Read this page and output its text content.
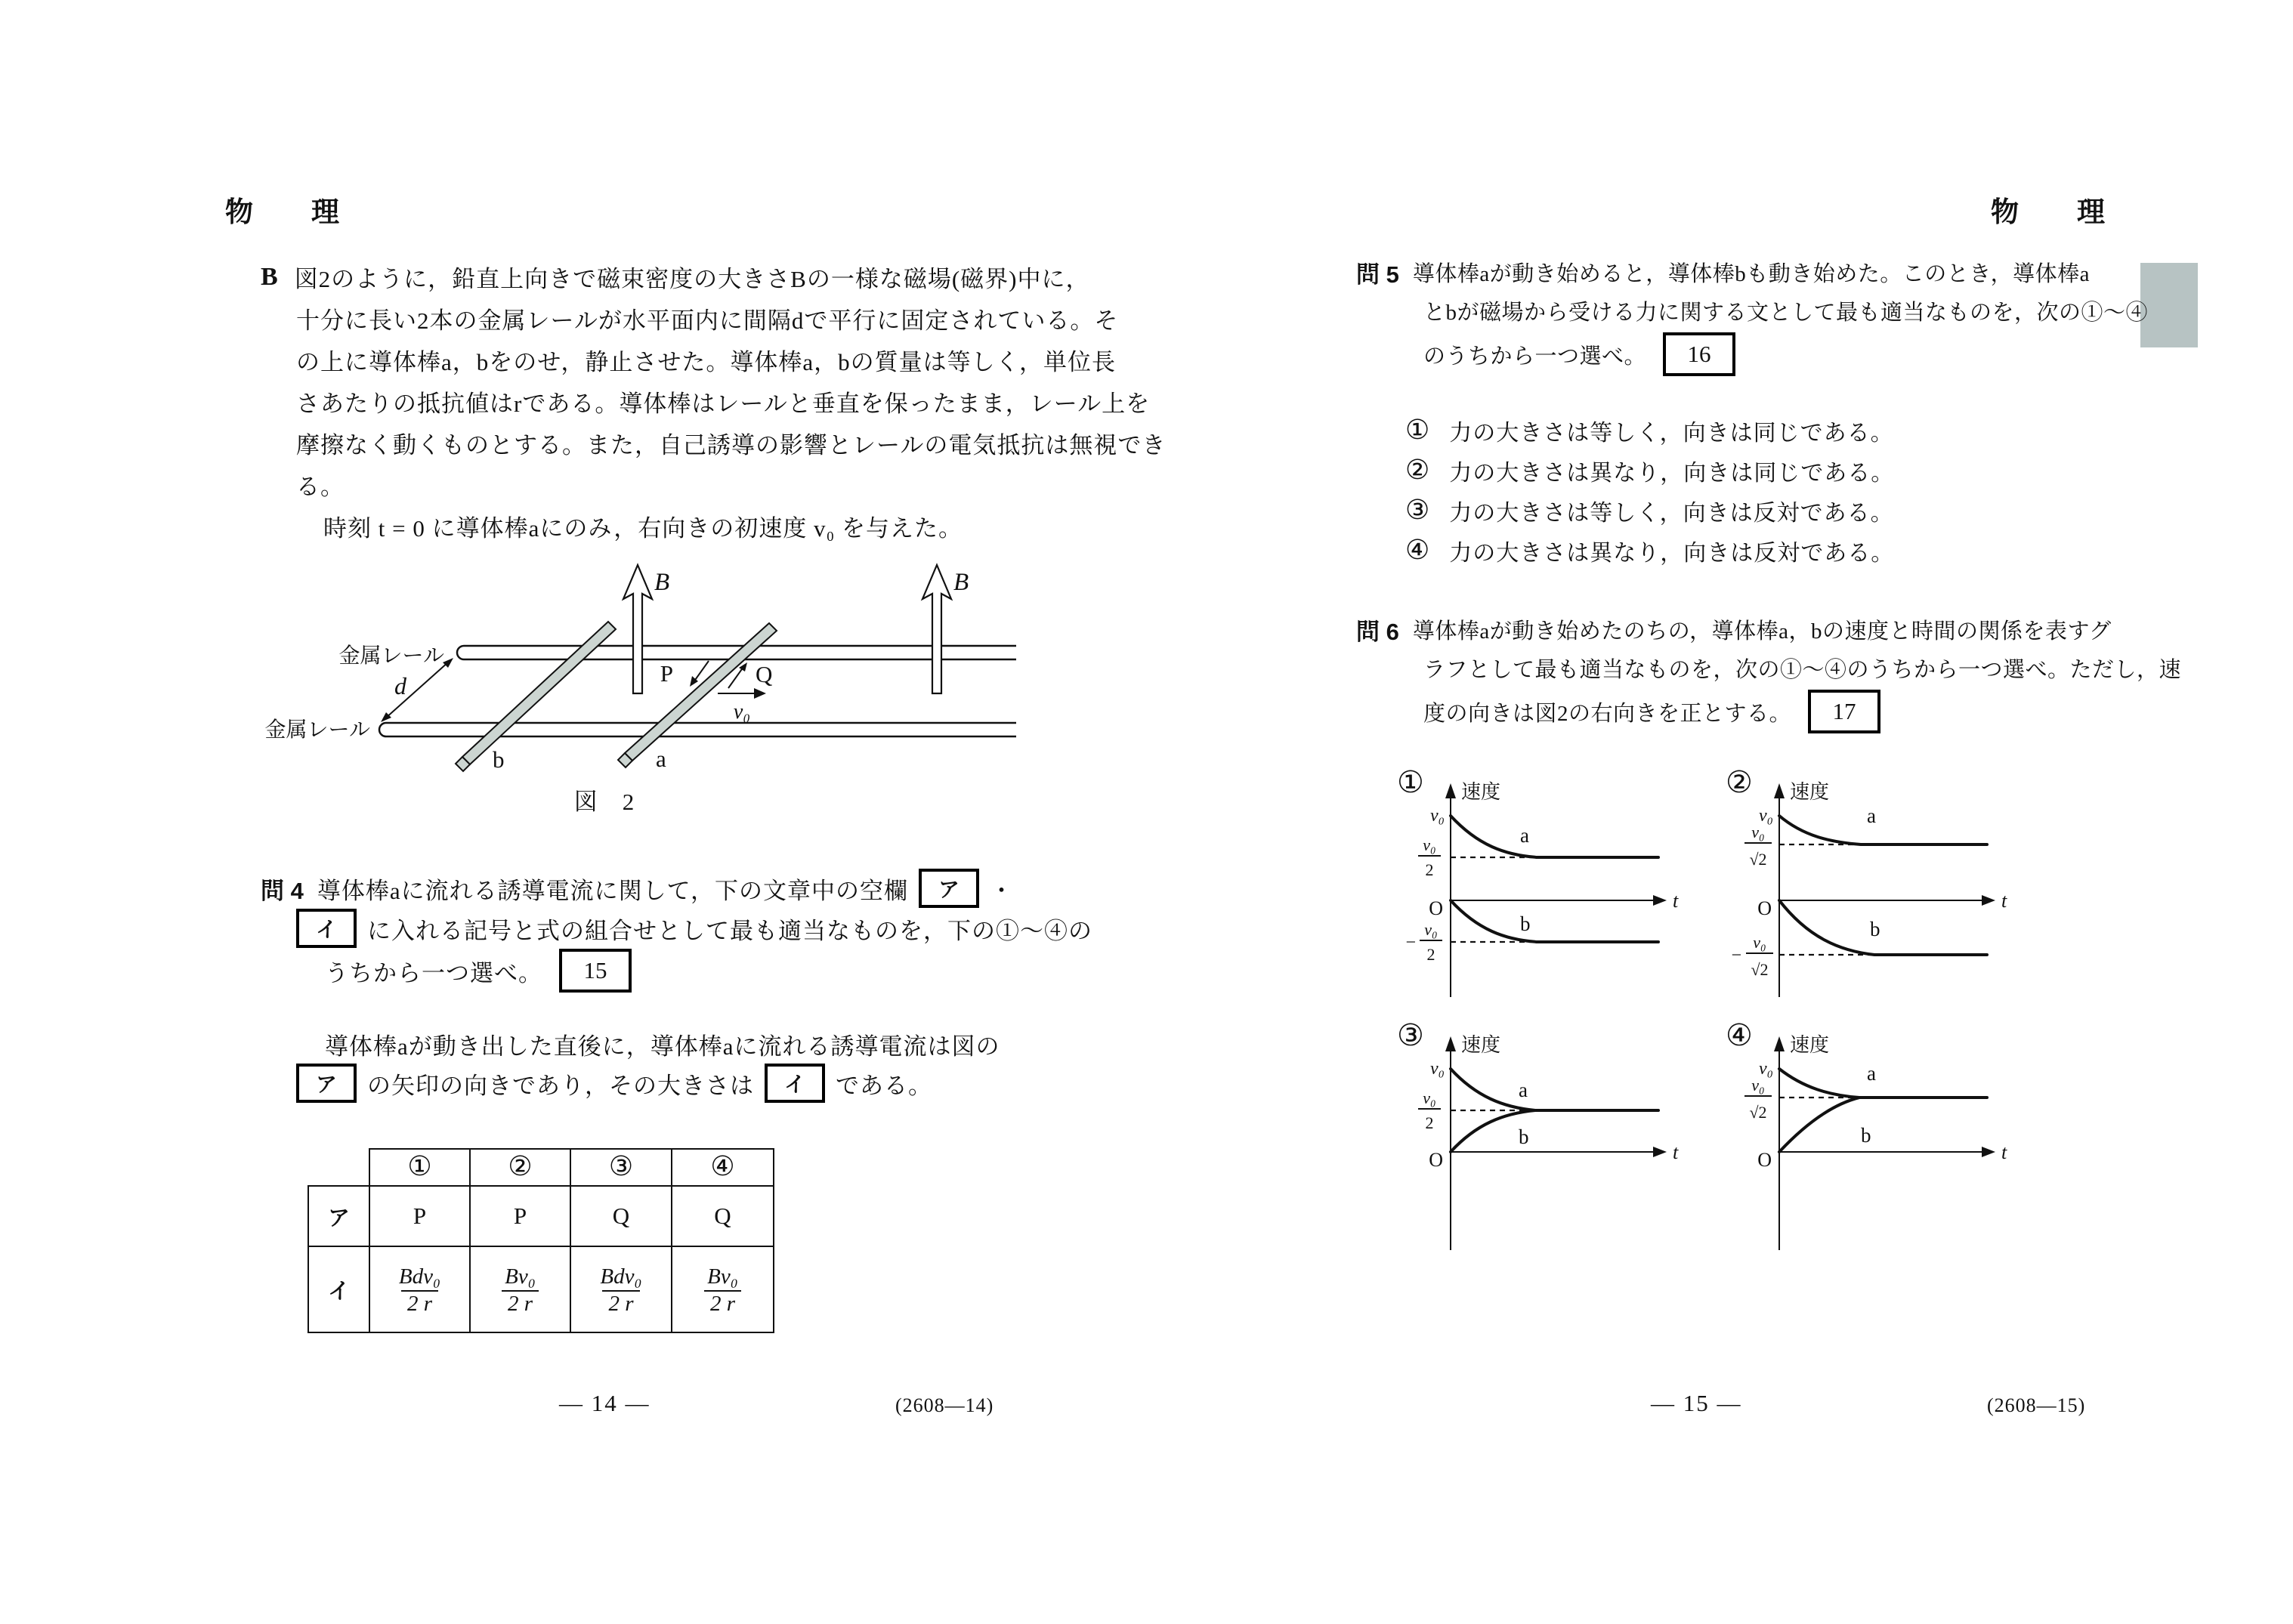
物　理
B 図2のように，鉛直上向きで磁束密度の大きさBの一様な磁場(磁界)中に，
十分に長い2本の金属レールが水平面内に間隔dで平行に固定されている。そ
の上に導体棒a，bをのせ，静止させた。導体棒a，bの質量は等しく，単位長
さあたりの抵抗値はrである。導体棒はレールと垂直を保ったまま，レール上を
摩擦なく動くものとする。また，自己誘導の影響とレールの電気抵抗は無視でき
る。
時刻 t = 0 に導体棒aにのみ，右向きの初速度 v₀ を与えた。
B	B
d
金属レール
金属レール
P	Q
v₀
a
b
図　2
問 4 導体棒aに流れる誘導電流に関して，下の文章中の空欄	ア	・
イ	に入れる記号と式の組合せとして最も適当なものを，下の①～④の
うちから一つ選べ。	15
導体棒aが動き出した直後に，導体棒aに流れる誘導電流は図の
ア	の矢印の向きであり，その大きさは	イ	である。
	①	②	③	④
ア	P	P	Q	Q
イ	$\frac{\text{Bdv₀}}{2 r}$	$\frac{\text{Bv₀}}{2 r}$	$\frac{\text{Bdv₀}}{2 r}$	$\frac{\text{Bv₀}}{2 r}$
— 14 —	(2608—14)
物　理
問 5 導体棒aが動き始めると，導体棒bも動き始めた。このとき，導体棒a
とbが磁場から受ける力に関する文として最も適当なものを，次の①～④
のうちから一つ選べ。	16
① 力の大きさは等しく，向きは同じである。
② 力の大きさは異なり，向きは同じである。
③ 力の大きさは等しく，向きは反対である。
④ 力の大きさは異なり，向きは反対である。
問 6 導体棒aが動き始めたのちの，導体棒a，bの速度と時間の関係を表すグ
ラフとして最も適当なものを，次の①～④のうちから一つ選べ。ただし，速
度の向きは図2の右向きを正とする。	17
①	②
③	④
速度
t
O
v₀
a
b
v₀
2
−
v₀
2
速度
t
O
v₀	a
b
v₀
√2
−
v₀
√2
速度
t
O
v₀
a
b
v₀
2
速度
t
O
v₀	a
b
v₀
√2
— 15 —	(2608—15)
